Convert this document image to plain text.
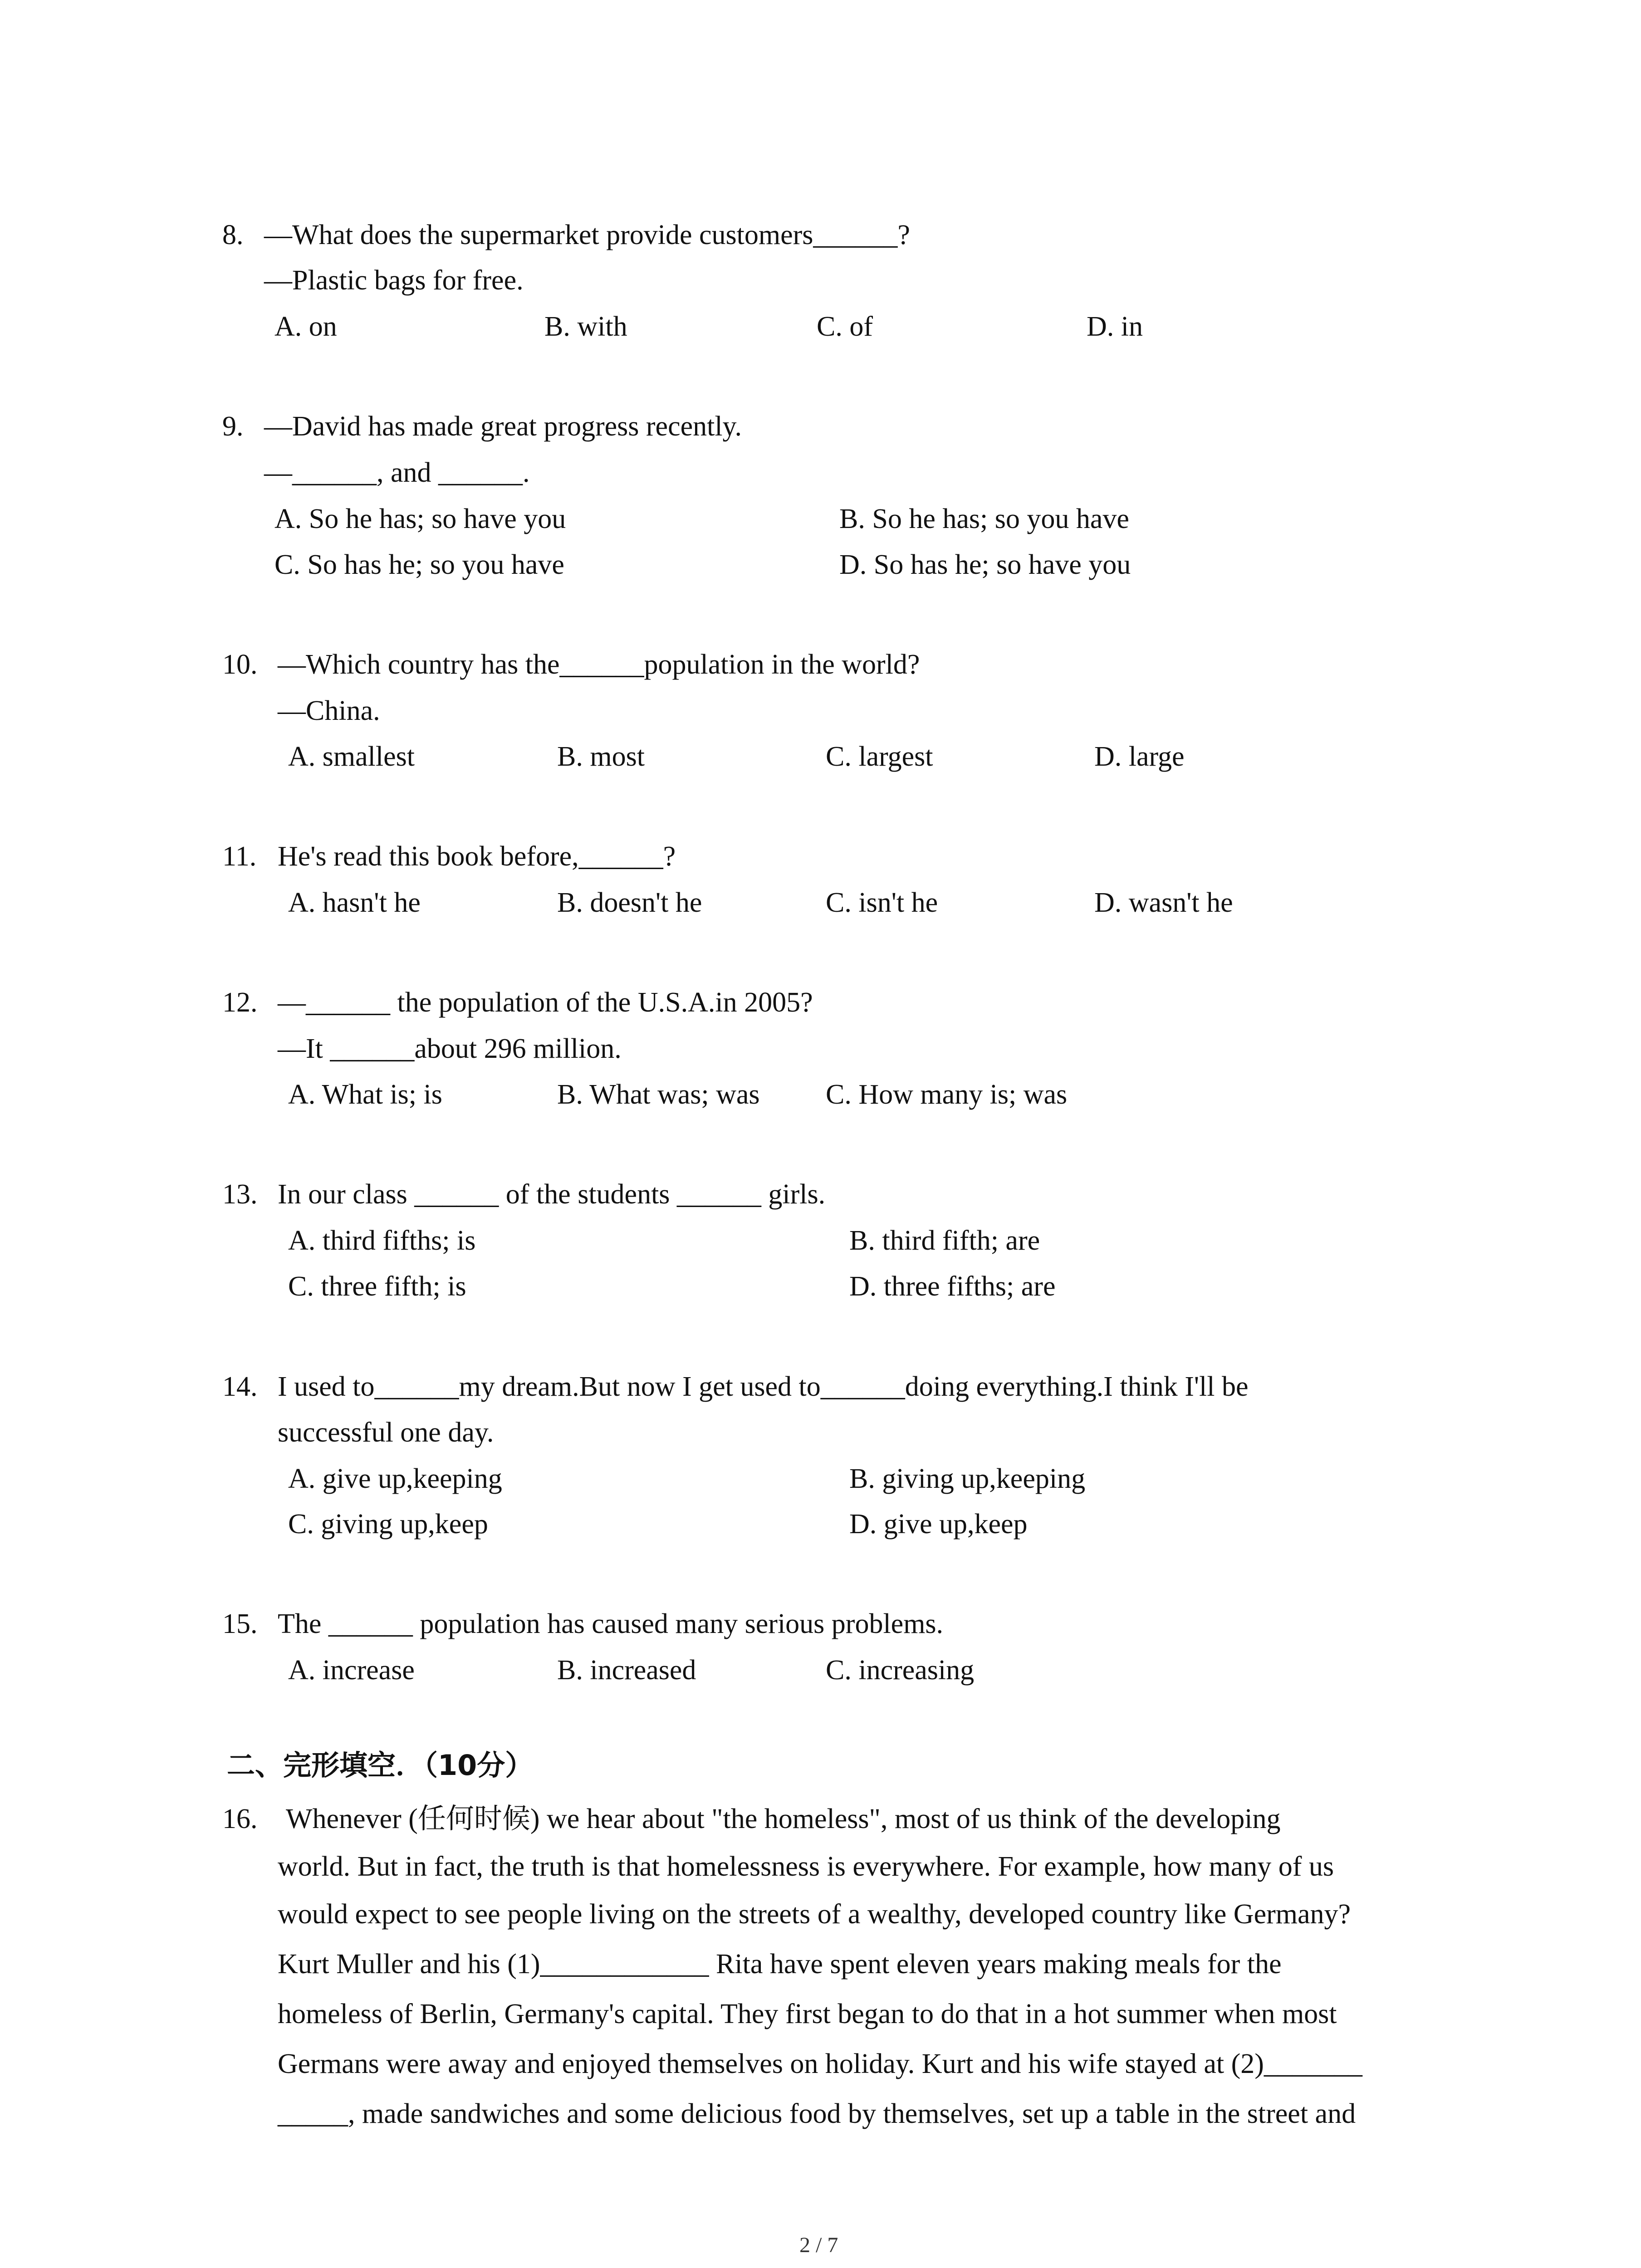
8. —What does the supermarket provide customers______?
—Plastic bags for free.
A. on	B. with	C. of	D. in
9. —David has made great progress recently.
—______, and ______.
A. So he has; so have you	B. So he has; so you have
C. So has he; so you have	D. So has he; so have you
10. —Which country has the______population in the world?
—China.
A. smallest	B. most	C. largest	D. large
11. He's read this book before,______?
A. hasn't he	B. doesn't he	C. isn't he	D. wasn't he
12. —______ the population of the U.S.A.in 2005?
—It ______about 296 million.
A. What is; is	B. What was; was C. How many is; was
13. In our class ______ of the students ______ girls.
A. third fifths; is	B. third fifth; are
C. three fifth; is	D. three fifths; are
14. I used to______my dream.But now I get used to______doing everything.I think I'll be
successful one day.
A. give up,keeping	B. giving up,keeping
C. giving up,keep	D. give up,keep
15. The ______ population has caused many serious problems.
A. increase	B. increased	C. increasing
二、完形填空．（10分）
16. Whenever (任何时候) we hear about "the homeless", most of us think of the developing
world. But in fact, the truth is that homelessness is everywhere. For example, how many of us
would expect to see people living on the streets of a wealthy, developed country like Germany?
Kurt Muller and his (1)____________ Rita have spent eleven years making meals for the
homeless of Berlin, Germany's capital. They first began to do that in a hot summer when most
Germans were away and enjoyed themselves on holiday. Kurt and his wife stayed at (2)_______
_____, made sandwiches and some delicious food by themselves, set up a table in the street and
2 / 7
